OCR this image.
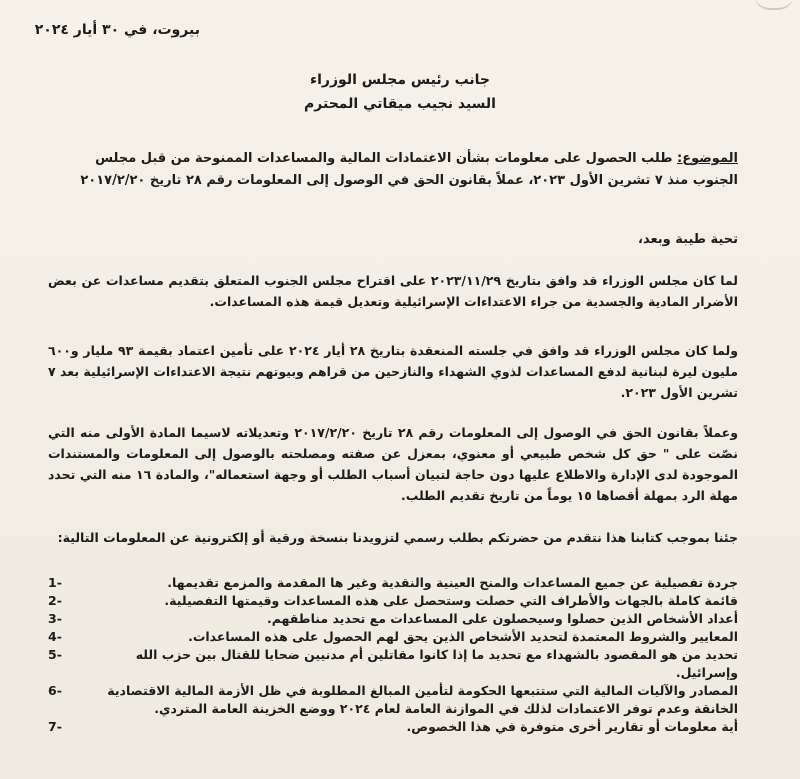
بيروت، في ٣٠ أيار ٢٠٢٤
جانب رئيس مجلس الوزراء
السيد نجيب ميقاتي المحترم
الموضوع: طلب الحصول على معلومات بشأن الاعتمادات المالية والمساعدات الممنوحة من قبل مجلس الجنوب منذ ٧ تشرين الأول ٢٠٢٣، عملاً بقانون الحق في الوصول إلى المعلومات رقم ٢٨ تاريخ ٢٠١٧/٢/٢٠
تحية طيبة وبعد،
لما كان مجلس الوزراء قد وافق بتاريخ ٢٠٢٣/١١/٢٩ على اقتراح مجلس الجنوب المتعلق بتقديم مساعدات عن بعض الأضرار المادية والجسدية من جراء الاعتداءات الإسرائيلية وتعديل قيمة هذه المساعدات.
ولما كان مجلس الوزراء قد وافق في جلسته المنعقدة بتاريخ ٢٨ أيار ٢٠٢٤ على تأمين اعتماد بقيمة ٩٣ مليار و٦٠٠ مليون ليرة لبنانية لدفع المساعدات لذوي الشهداء والنازحين من قراهم وبيوتهم نتيجة الاعتداءات الإسرائيلية بعد ٧ تشرين الأول ٢٠٢٣.
وعملاً بقانون الحق في الوصول إلى المعلومات رقم ٢٨ تاريخ ٢٠١٧/٢/٢٠ وتعديلاته لاسيما المادة الأولى منه التي نصّت على " حق كل شخص طبيعي أو معنوي، بمعزل عن صفته ومصلحته بالوصول إلى المعلومات والمستندات الموجودة لدى الإدارة والاطلاع عليها دون حاجة لتبيان أسباب الطلب أو وجهة استعماله"، والمادة ١٦ منه التي تحدد مهلة الرد بمهلة أقصاها ١٥ يوماً من تاريخ تقديم الطلب.
جئنا بموجب كتابنا هذا نتقدم من حضرتكم بطلب رسمي لتزويدنا بنسخة ورقية أو إلكترونية عن المعلومات التالية:
جردة تفصيلية عن جميع المساعدات والمنح العينية والنقدية وغير ها المقدمة والمزمع تقديمها.
1-
قائمة كاملة بالجهات والأطراف التي حصلت وستحصل على هذه المساعدات وقيمتها التفصيلية.
2-
أعداد الأشخاص الذين حصلوا وسيحصلون على المساعدات مع تحديد مناطقهم.
3-
المعايير والشروط المعتمدة لتحديد الأشخاص الذين يحق لهم الحصول على هذه المساعدات.
4-
تحديد من هو المقصود بالشهداء مع تحديد ما إذا كانوا مقاتلين أم مدنيين ضحايا للقتال بين حزب الله وإسرائيل.
5-
المصادر والآليات المالية التي ستتبعها الحكومة لتأمين المبالغ المطلوبة في ظل الأزمة المالية الاقتصادية الخانقة وعدم توفر الاعتمادات لذلك في الموازنة العامة لعام ٢٠٢٤ ووضع الخزينة العامة المتردي.
6-
أية معلومات أو تقارير أخرى متوفرة في هذا الخصوص.
7-
